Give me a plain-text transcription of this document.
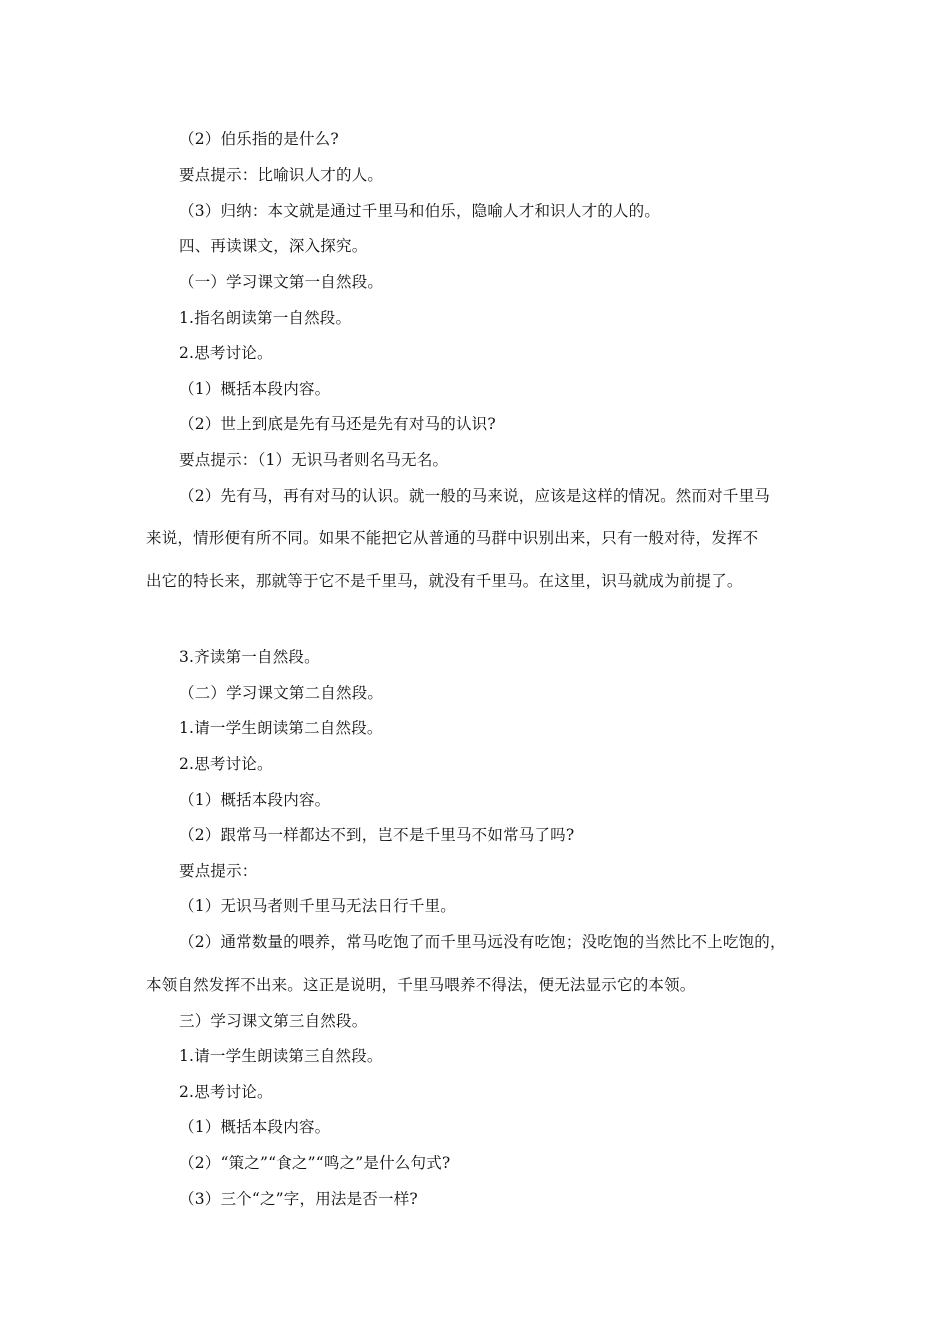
（2）伯乐指的是什么?
要点提示：比喻识人才的人。
（3）归纳：本文就是通过千里马和伯乐，隐喻人才和识人才的人的。
四、再读课文，深入探究。
（一）学习课文第一自然段。
1.指名朗读第一自然段。
2.思考讨论。
（1）概括本段内容。
（2）世上到底是先有马还是先有对马的认识?
要点提示：（1）无识马者则名马无名。
（2）先有马，再有对马的认识。就一般的马来说，应该是这样的情况。然而对千里马
来说，情形便有所不同。如果不能把它从普通的马群中识别出来，只有一般对待，发挥不
出它的特长来，那就等于它不是千里马，就没有千里马。在这里，识马就成为前提了。
3.齐读第一自然段。
（二）学习课文第二自然段。
1.请一学生朗读第二自然段。
2.思考讨论。
（1）概括本段内容。
（2）跟常马一样都达不到，岂不是千里马不如常马了吗?
要点提示：
（1）无识马者则千里马无法日行千里。
（2）通常数量的喂养，常马吃饱了而千里马远没有吃饱；没吃饱的当然比不上吃饱的，
本领自然发挥不出来。这正是说明，千里马喂养不得法，便无法显示它的本领。
三）学习课文第三自然段。
1.请一学生朗读第三自然段。
2.思考讨论。
（1）概括本段内容。
（2）“策之”“食之”“鸣之”是什么句式?
（3）三个“之”字，用法是否一样?
